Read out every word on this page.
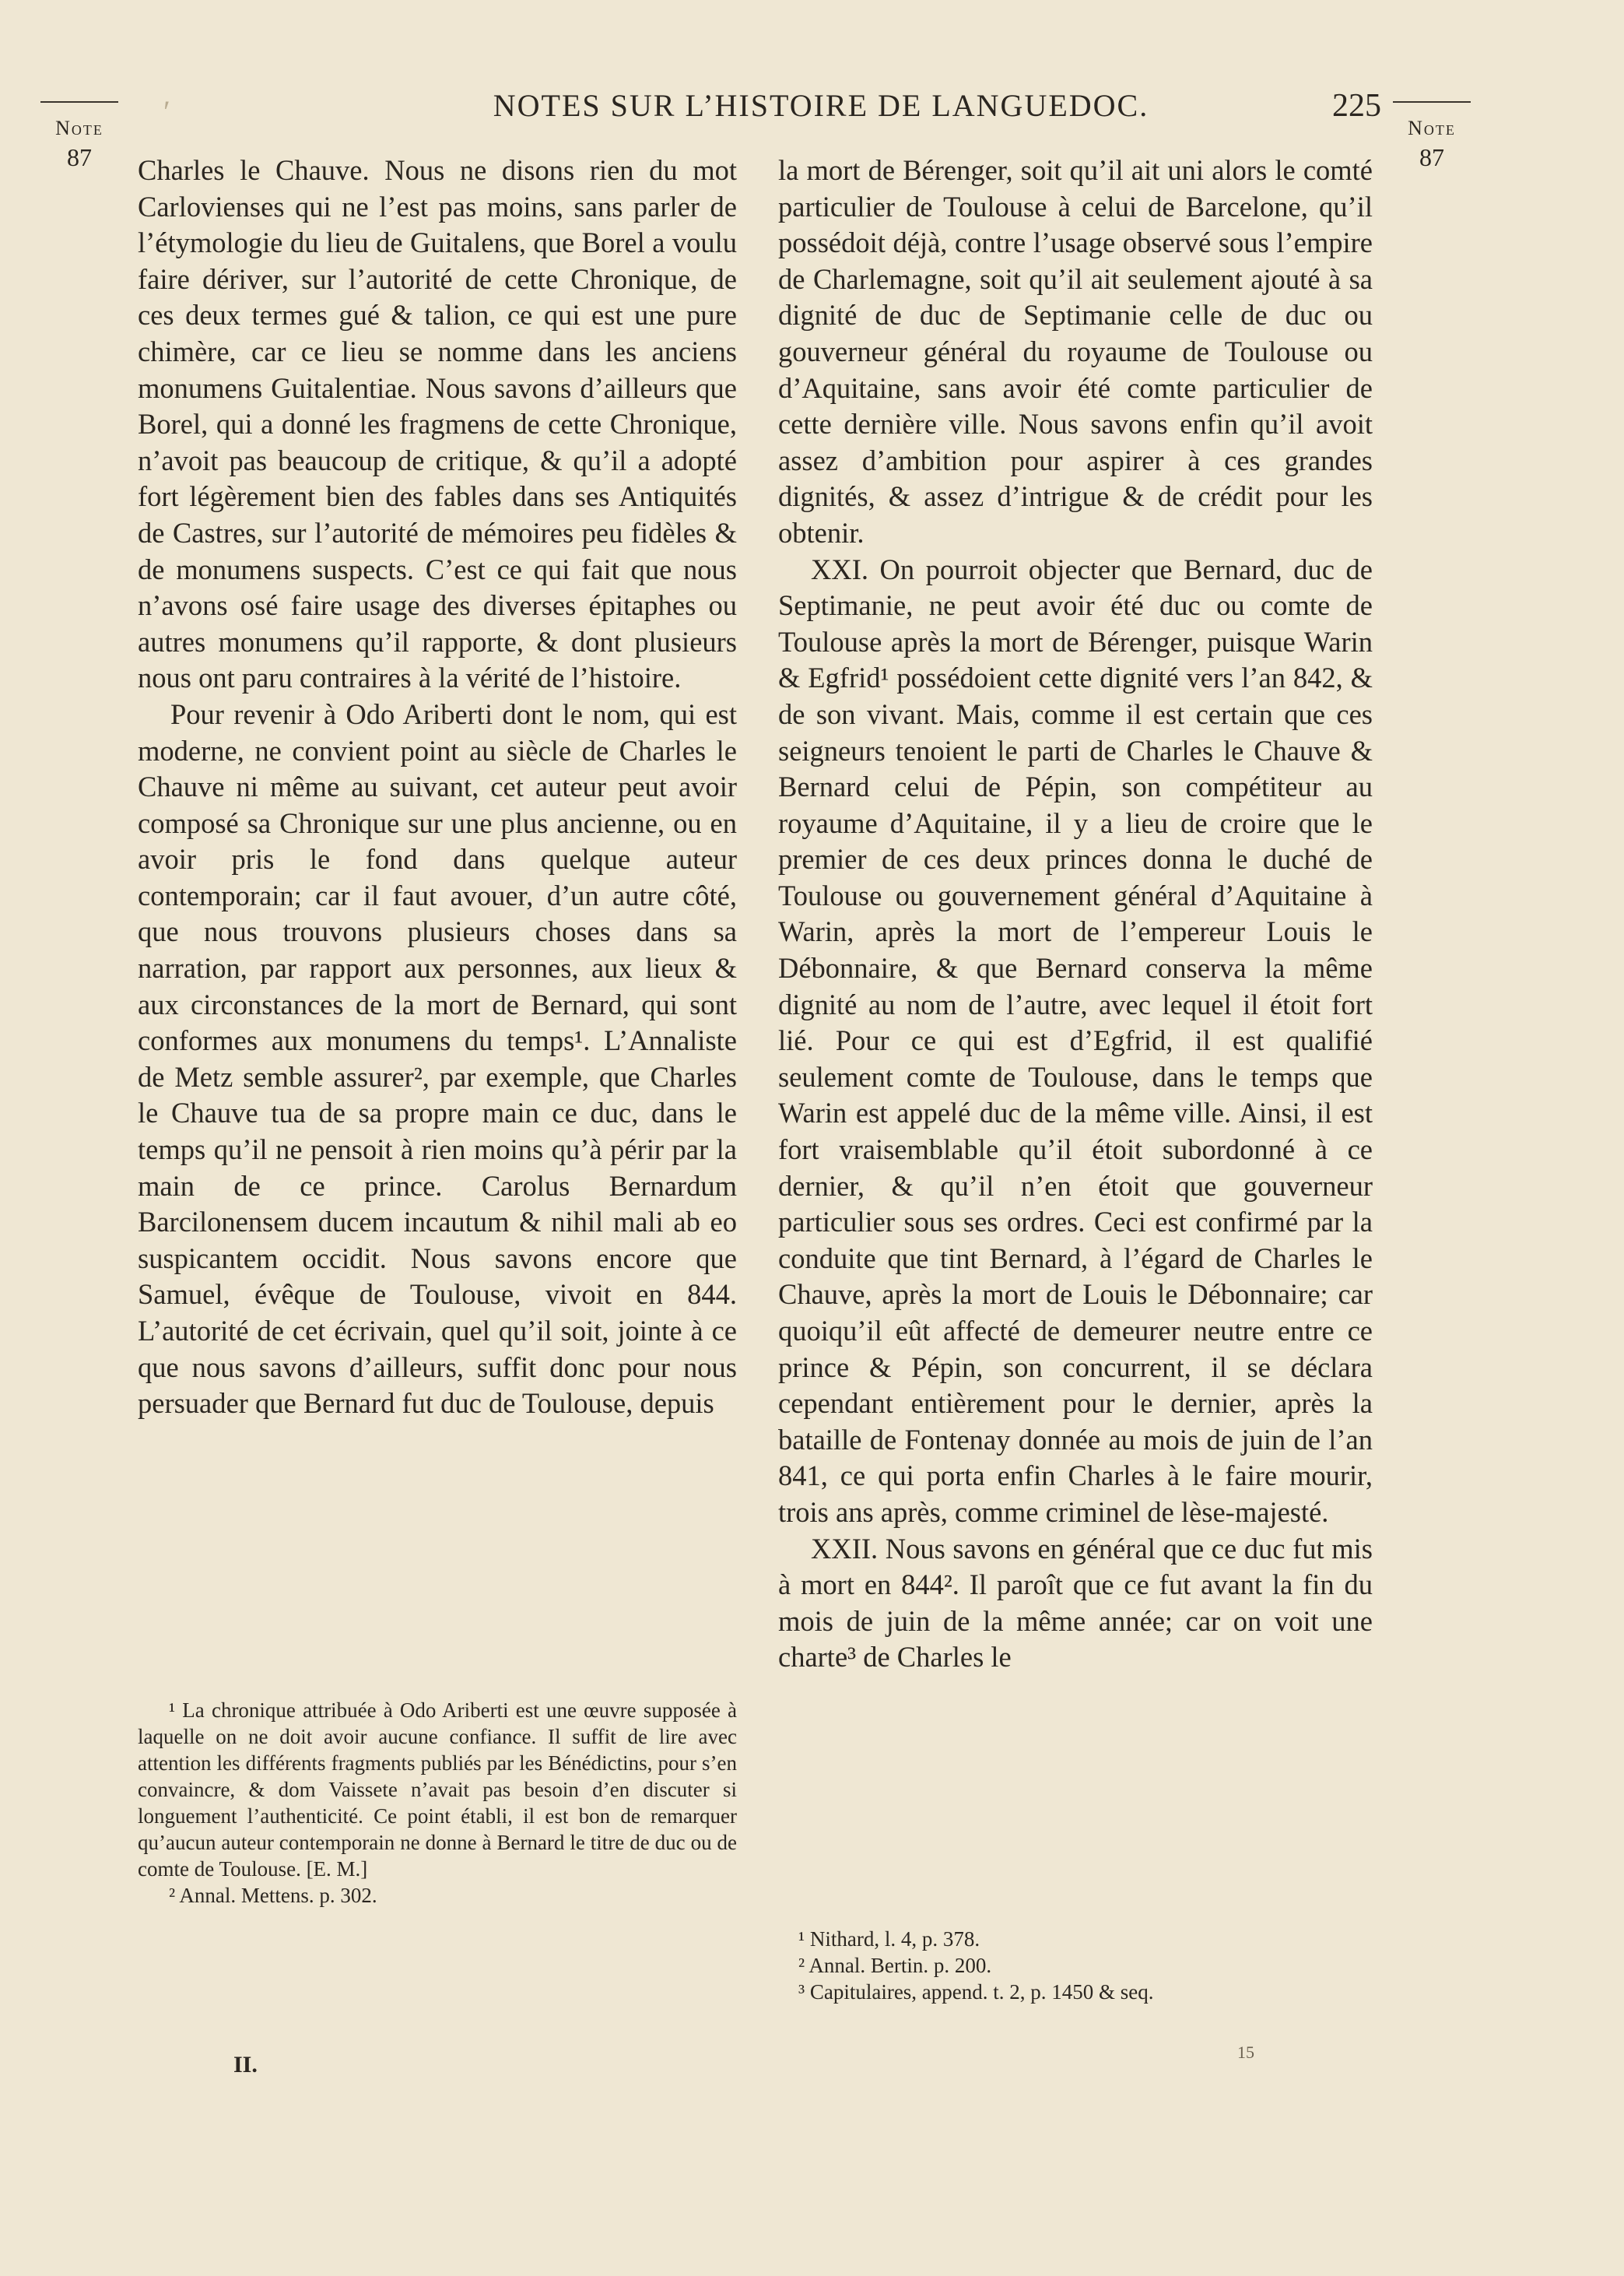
ʹ
Note
87
Note
87
NOTES SUR L’HISTOIRE DE LANGUEDOC.	225

Charles le Chauve. Nous ne disons rien du mot Carlovienses qui ne l’est pas moins, sans parler de l’étymologie du lieu de Guitalens, que Borel a voulu faire dériver, sur l’autorité de cette Chronique, de ces deux termes gué & talion, ce qui est une pure chimère, car ce lieu se nomme dans les anciens monumens Guitalentiae. Nous savons d’ailleurs que Borel, qui a donné les fragmens de cette Chronique, n’avoit pas beaucoup de critique, & qu’il a adopté fort légèrement bien des fables dans ses Antiquités de Castres, sur l’autorité de mémoires peu fidèles & de monumens suspects. C’est ce qui fait que nous n’avons osé faire usage des diverses épitaphes ou autres monumens qu’il rapporte, & dont plusieurs nous ont paru contraires à la vérité de l’histoire.

Pour revenir à Odo Ariberti dont le nom, qui est moderne, ne convient point au siècle de Charles le Chauve ni même au suivant, cet auteur peut avoir composé sa Chronique sur une plus ancienne, ou en avoir pris le fond dans quelque auteur contemporain; car il faut avouer, d’un autre côté, que nous trouvons plusieurs choses dans sa narration, par rapport aux personnes, aux lieux & aux circonstances de la mort de Bernard, qui sont conformes aux monumens du temps¹. L’Annaliste de Metz semble assurer², par exemple, que Charles le Chauve tua de sa propre main ce duc, dans le temps qu’il ne pensoit à rien moins qu’à périr par la main de ce prince. Carolus Bernardum Barcilonensem ducem incautum & nihil mali ab eo suspicantem occidit. Nous savons encore que Samuel, évêque de Toulouse, vivoit en 844. L’autorité de cet écrivain, quel qu’il soit, jointe à ce que nous savons d’ailleurs, suffit donc pour nous persuader que Bernard fut duc de Toulouse, depuis

la mort de Bérenger, soit qu’il ait uni alors le comté particulier de Toulouse à celui de Barcelone, qu’il possédoit déjà, contre l’usage observé sous l’empire de Charlemagne, soit qu’il ait seulement ajouté à sa dignité de duc de Septimanie celle de duc ou gouverneur général du royaume de Toulouse ou d’Aquitaine, sans avoir été comte particulier de cette dernière ville. Nous savons enfin qu’il avoit assez d’ambition pour aspirer à ces grandes dignités, & assez d’intrigue & de crédit pour les obtenir.

XXI. On pourroit objecter que Bernard, duc de Septimanie, ne peut avoir été duc ou comte de Toulouse après la mort de Bérenger, puisque Warin & Egfrid¹ possédoient cette dignité vers l’an 842, & de son vivant. Mais, comme il est certain que ces seigneurs tenoient le parti de Charles le Chauve & Bernard celui de Pépin, son compétiteur au royaume d’Aquitaine, il y a lieu de croire que le premier de ces deux princes donna le duché de Toulouse ou gouvernement général d’Aquitaine à Warin, après la mort de l’empereur Louis le Débonnaire, & que Bernard conserva la même dignité au nom de l’autre, avec lequel il étoit fort lié. Pour ce qui est d’Egfrid, il est qualifié seulement comte de Toulouse, dans le temps que Warin est appelé duc de la même ville. Ainsi, il est fort vraisemblable qu’il étoit subordonné à ce dernier, & qu’il n’en étoit que gouverneur particulier sous ses ordres. Ceci est confirmé par la conduite que tint Bernard, à l’égard de Charles le Chauve, après la mort de Louis le Débonnaire; car quoiqu’il eût affecté de demeurer neutre entre ce prince & Pépin, son concurrent, il se déclara cependant entièrement pour le dernier, après la bataille de Fontenay donnée au mois de juin de l’an 841, ce qui porta enfin Charles à le faire mourir, trois ans après, comme criminel de lèse-majesté.

XXII. Nous savons en général que ce duc fut mis à mort en 844². Il paroît que ce fut avant la fin du mois de juin de la même année; car on voit une charte³ de Charles le

¹ La chronique attribuée à Odo Ariberti est une œuvre supposée à laquelle on ne doit avoir aucune confiance. Il suffit de lire avec attention les différents fragments publiés par les Bénédictins, pour s’en convaincre, & dom Vaissete n’avait pas besoin d’en discuter si longuement l’authenticité. Ce point établi, il est bon de remarquer qu’aucun auteur contemporain ne donne à Bernard le titre de duc ou de comte de Toulouse. [E. M.]

² Annal. Mettens. p. 302.

¹ Nithard, l. 4, p. 378.

² Annal. Bertin. p. 200.

³ Capitulaires, append. t. 2, p. 1450 & seq.

II.	15
